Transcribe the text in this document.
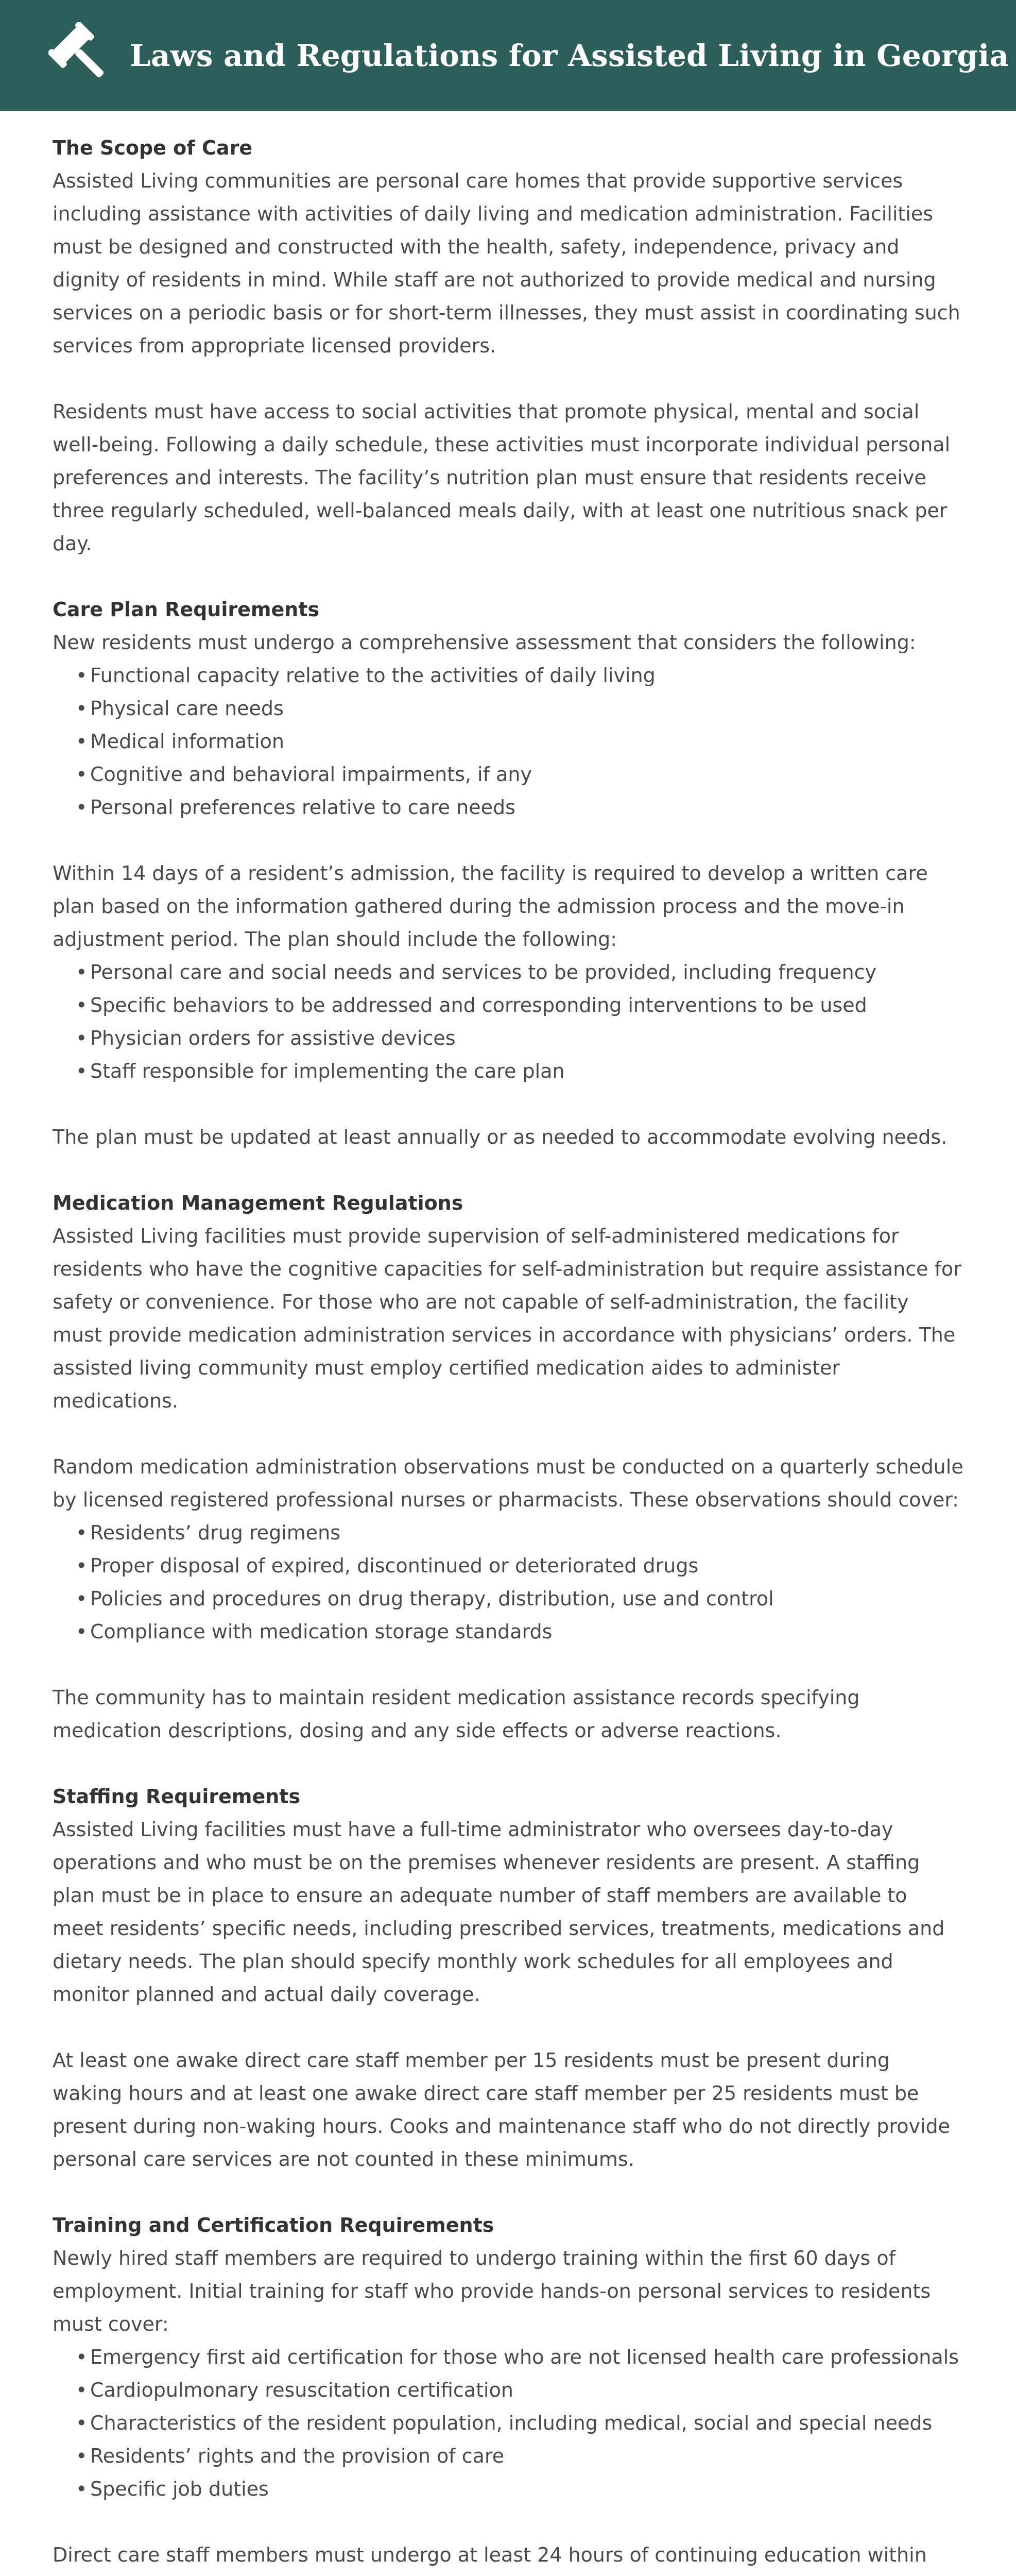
Laws and Regulations for Assisted Living in Georgia
The Scope of Care

Assisted Living communities are personal care homes that provide supportive services including assistance with activities of daily living and medication administration. Facilities must be designed and constructed with the health, safety, independence, privacy and dignity of residents in mind. While staff are not authorized to provide medical and nursing services on a periodic basis or for short-term illnesses, they must assist in coordinating such services from appropriate licensed providers.

Residents must have access to social activities that promote physical, mental and social well-being. Following a daily schedule, these activities must incorporate individual personal preferences and interests. The facility’s nutrition plan must ensure that residents receive three regularly scheduled, well-balanced meals daily, with at least one nutritious snack per day.

Care Plan Requirements

New residents must undergo a comprehensive assessment that considers the following:

• Functional capacity relative to the activities of daily living
• Physical care needs
• Medical information
• Cognitive and behavioral impairments, if any
• Personal preferences relative to care needs

Within 14 days of a resident’s admission, the facility is required to develop a written care plan based on the information gathered during the admission process and the move-in adjustment period. The plan should include the following:

• Personal care and social needs and services to be provided, including frequency
• Specific behaviors to be addressed and corresponding interventions to be used
• Physician orders for assistive devices
• Staff responsible for implementing the care plan

The plan must be updated at least annually or as needed to accommodate evolving needs.

Medication Management Regulations

Assisted Living facilities must provide supervision of self-administered medications for residents who have the cognitive capacities for self-administration but require assistance for safety or convenience. For those who are not capable of self-administration, the facility must provide medication administration services in accordance with physicians’ orders. The assisted living community must employ certified medication aides to administer medications.

Random medication administration observations must be conducted on a quarterly schedule by licensed registered professional nurses or pharmacists. These observations should cover:

• Residents’ drug regimens
• Proper disposal of expired, discontinued or deteriorated drugs
• Policies and procedures on drug therapy, distribution, use and control
• Compliance with medication storage standards

The community has to maintain resident medication assistance records specifying medication descriptions, dosing and any side effects or adverse reactions.

Staffing Requirements

Assisted Living facilities must have a full-time administrator who oversees day-to-day operations and who must be on the premises whenever residents are present. A staffing plan must be in place to ensure an adequate number of staff members are available to meet residents’ specific needs, including prescribed services, treatments, medications and dietary needs. The plan should specify monthly work schedules for all employees and monitor planned and actual daily coverage.

At least one awake direct care staff member per 15 residents must be present during waking hours and at least one awake direct care staff member per 25 residents must be present during non-waking hours. Cooks and maintenance staff who do not directly provide personal care services are not counted in these minimums.

Training and Certification Requirements

Newly hired staff members are required to undergo training within the first 60 days of employment. Initial training for staff who provide hands-on personal services to residents must cover:

• Emergency first aid certification for those who are not licensed health care professionals
• Cardiopulmonary resuscitation certification
• Characteristics of the resident population, including medical, social and special needs
• Residents’ rights and the provision of care
• Specific job duties

Direct care staff members must undergo at least 24 hours of continuing education within
